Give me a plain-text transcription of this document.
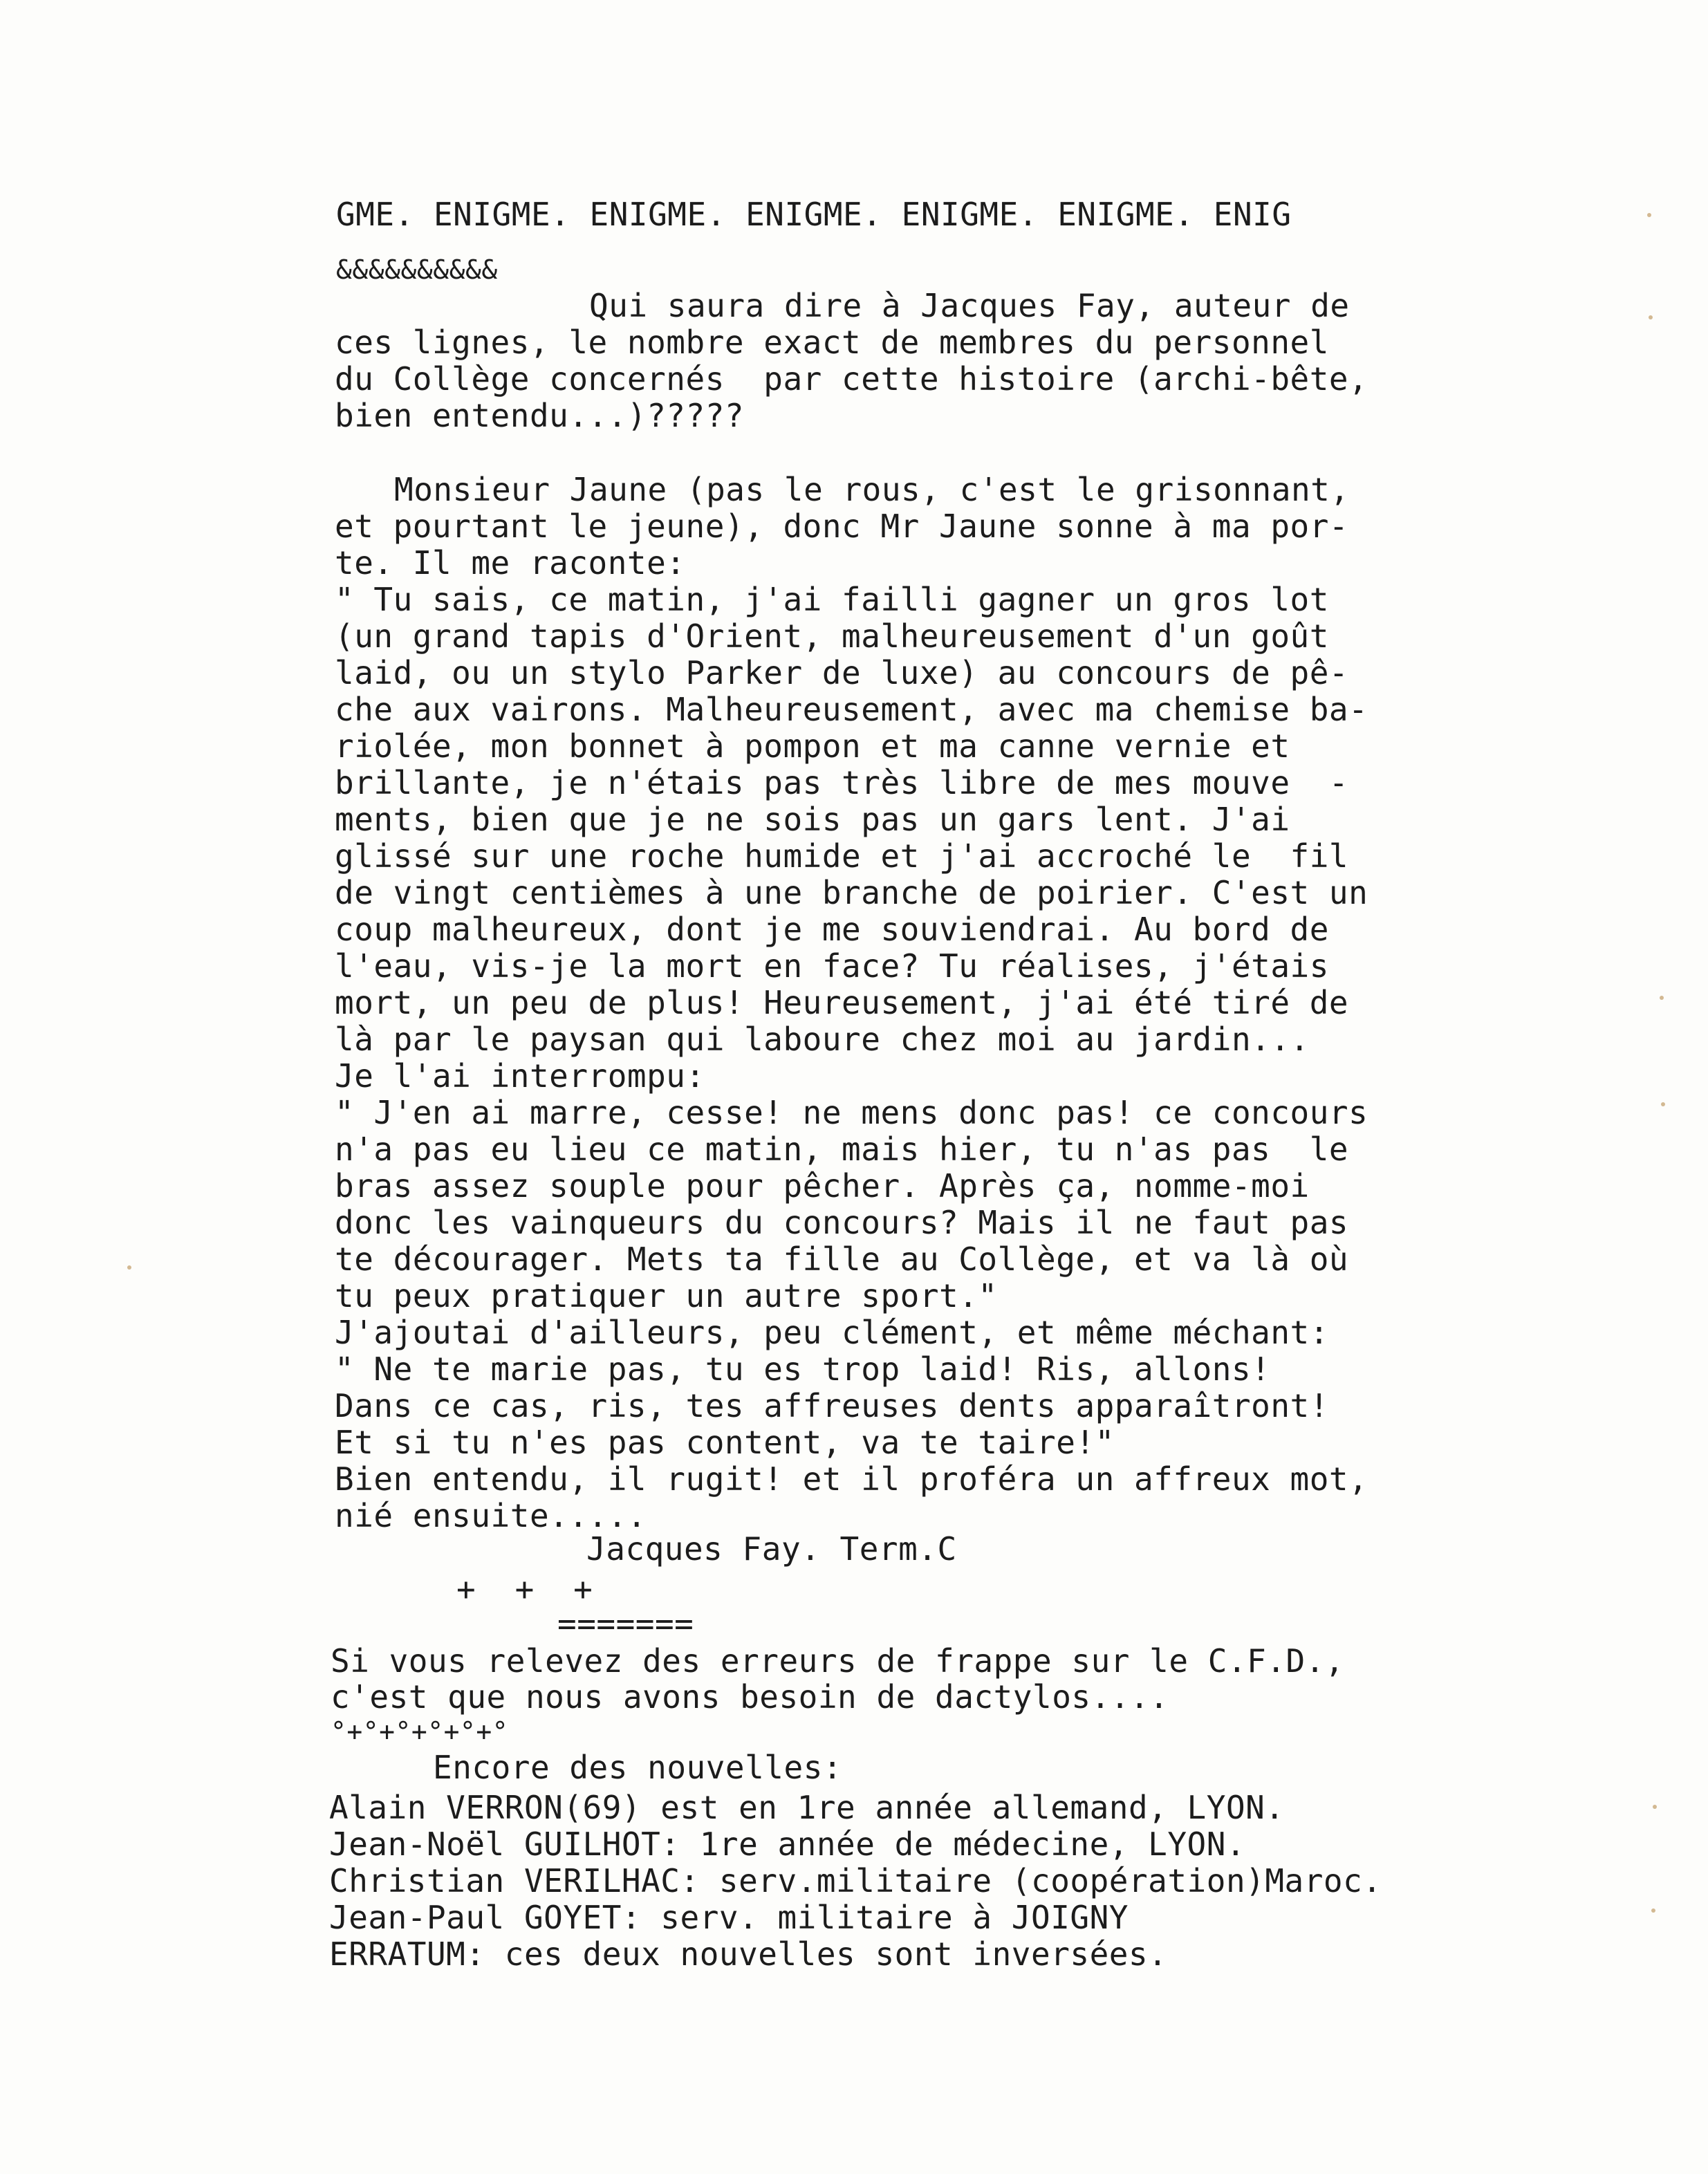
GME. ENIGME. ENIGME. ENIGME. ENIGME. ENIGME. ENIG

&&&&&&&&&&

Qui saura dire à Jacques Fay, auteur de

ces lignes, le nombre exact de membres du personnel

du Collège concernés  par cette histoire (archi-bête,

bien entendu...)?????

Monsieur Jaune (pas le rous, c'est le grisonnant,

et pourtant le jeune), donc Mr Jaune sonne à ma por-

te. Il me raconte:

" Tu sais, ce matin, j'ai failli gagner un gros lot

(un grand tapis d'Orient, malheureusement d'un goût

laid, ou un stylo Parker de luxe) au concours de pê-

che aux vairons. Malheureusement, avec ma chemise ba-

riolée, mon bonnet à pompon et ma canne vernie et

brillante, je n'étais pas très libre de mes mouve  -

ments, bien que je ne sois pas un gars lent. J'ai

glissé sur une roche humide et j'ai accroché le  fil

de vingt centièmes à une branche de poirier. C'est un

coup malheureux, dont je me souviendrai. Au bord de

l'eau, vis-je la mort en face? Tu réalises, j'étais

mort, un peu de plus! Heureusement, j'ai été tiré de

là par le paysan qui laboure chez moi au jardin...

Je l'ai interrompu:

" J'en ai marre, cesse! ne mens donc pas! ce concours

n'a pas eu lieu ce matin, mais hier, tu n'as pas  le

bras assez souple pour pêcher. Après ça, nomme-moi

donc les vainqueurs du concours? Mais il ne faut pas

te décourager. Mets ta fille au Collège, et va là où

tu peux pratiquer un autre sport."

J'ajoutai d'ailleurs, peu clément, et même méchant:

" Ne te marie pas, tu es trop laid! Ris, allons!

Dans ce cas, ris, tes affreuses dents apparaîtront!

Et si tu n'es pas content, va te taire!"

Bien entendu, il rugit! et il proféra un affreux mot,

nié ensuite.....

Jacques Fay. Term.C

+  +  +

=======

Si vous relevez des erreurs de frappe sur le C.F.D.,

c'est que nous avons besoin de dactylos....

°+°+°+°+°+°

Encore des nouvelles:

Alain VERRON(69) est en 1re année allemand, LYON.

Jean-Noël GUILHOT: 1re année de médecine, LYON.

Christian VERILHAC: serv.militaire (coopération)Maroc.

Jean-Paul GOYET: serv. militaire à JOIGNY

ERRATUM: ces deux nouvelles sont inversées.
